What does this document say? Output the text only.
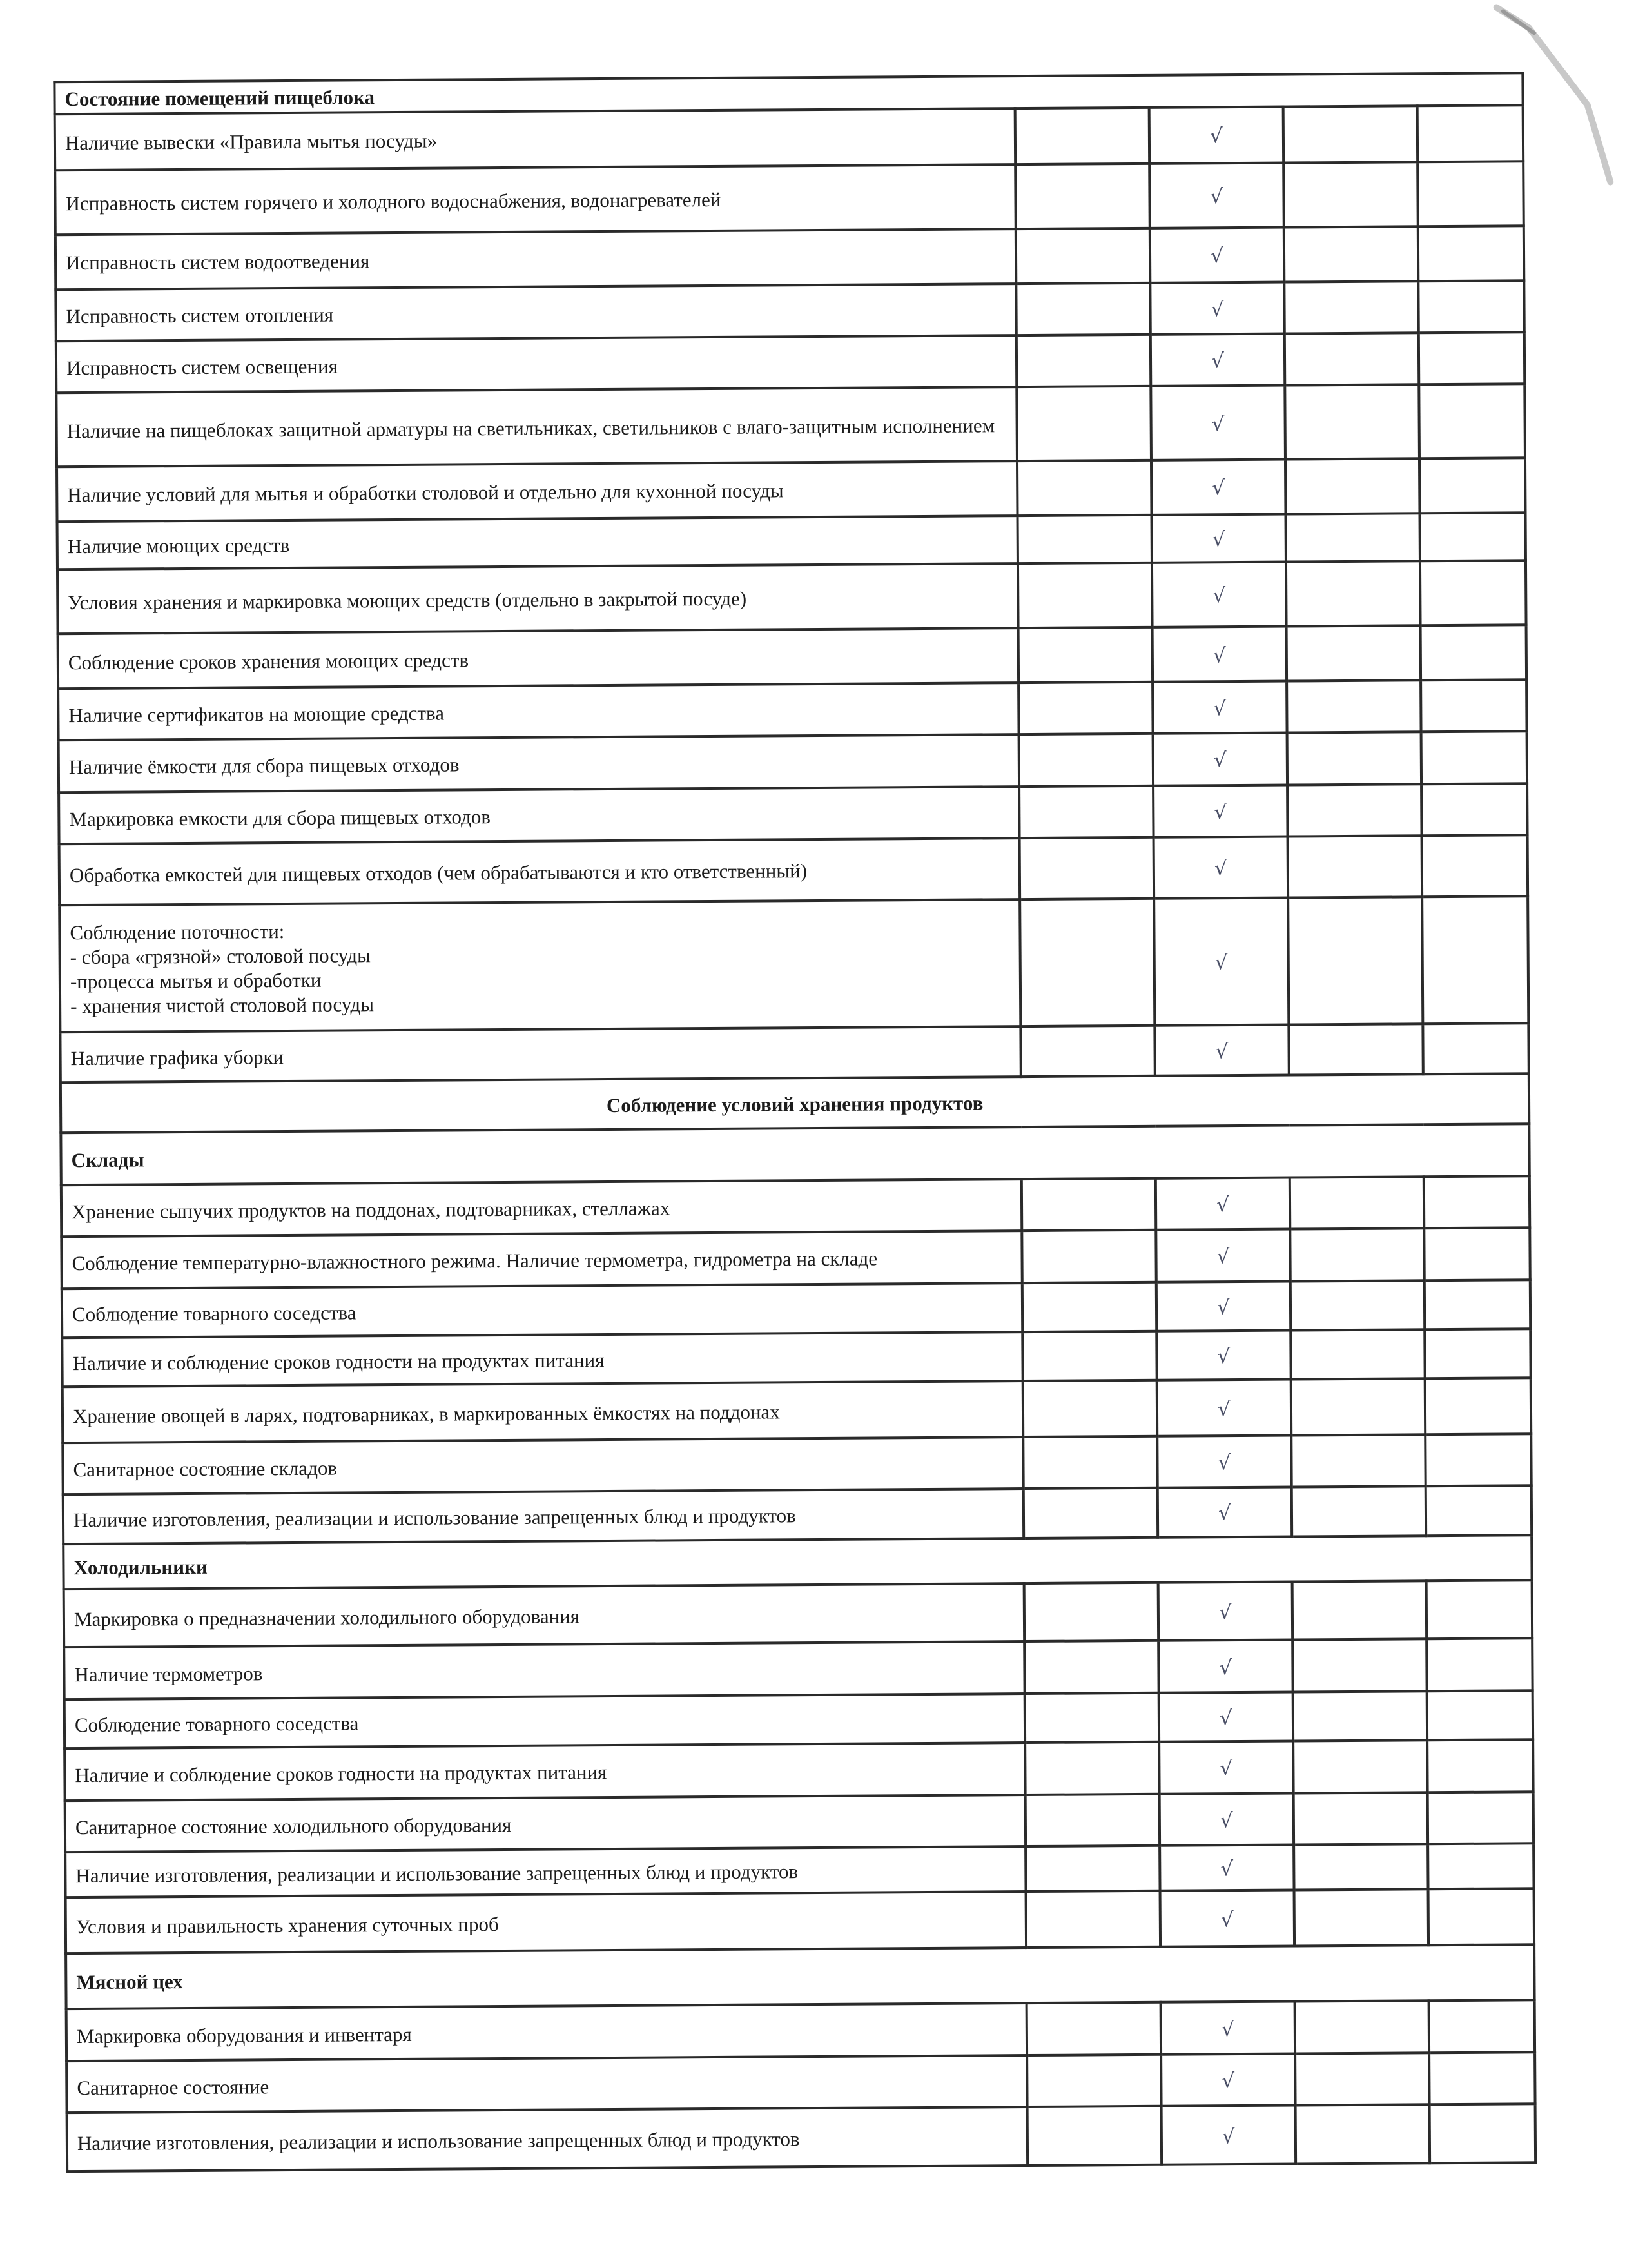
Состояние помещений пищеблока				
Наличие вывески «Правила мытья посуды»		√		
Исправность систем горячего и холодного водоснабжения, водонагревателей		√		
Исправность систем водоотведения		√		
Исправность систем отопления		√		
Исправность систем освещения		√		
Наличие на пищеблоках защитной арматуры на светильниках, светильников с влаго-защитным исполнением		√		
Наличие условий для мытья и обработки столовой и отдельно для кухонной посуды		√		
Наличие моющих средств		√		
Условия хранения и маркировка моющих средств (отдельно в закрытой посуде)		√		
Соблюдение сроков хранения моющих средств		√		
Наличие сертификатов на моющие средства		√		
Наличие ёмкости для сбора пищевых отходов		√		
Маркировка емкости для сбора пищевых отходов		√		
Обработка емкостей для пищевых отходов (чем обрабатываются и кто ответственный)		√		

Соблюдение поточности:
- сбора «грязной» столовой посуды
-процесса мытья и обработки
- хранения чистой столовой посуды		√		
Наличие графика уборки		√		
Соблюдение условий хранения продуктов				
Склады				
Хранение сыпучих продуктов на поддонах, подтоварниках, стеллажах		√		
Соблюдение температурно-влажностного режима. Наличие термометра, гидрометра на складе		√		
Соблюдение товарного соседства		√		
Наличие и соблюдение сроков годности на продуктах питания		√		
Хранение овощей в ларях, подтоварниках, в маркированных ёмкостях на поддонах		√		
Санитарное состояние складов		√		
Наличие изготовления, реализации и использование запрещенных блюд и продуктов		√		
Холодильники				
Маркировка о предназначении холодильного оборудования		√		
Наличие термометров		√		
Соблюдение товарного соседства		√		
Наличие и соблюдение сроков годности на продуктах питания		√		
Санитарное состояние холодильного оборудования		√		
Наличие изготовления, реализации и использование запрещенных блюд и продуктов		√		
Условия и правильность хранения суточных проб		√		
Мясной цех				
Маркировка оборудования и инвентаря		√		
Санитарное состояние		√		
Наличие изготовления, реализации и использование запрещенных блюд и продуктов		√		
